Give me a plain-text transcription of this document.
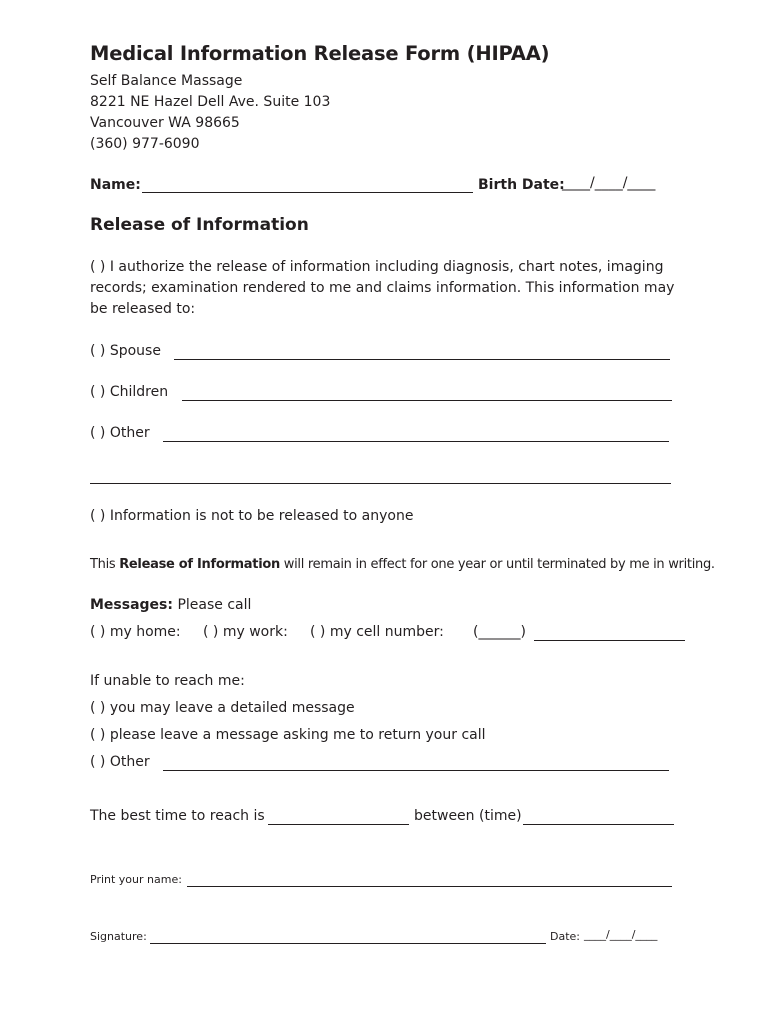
Medical Information Release Form (HIPAA)
Self Balance Massage
8221 NE Hazel Dell Ave. Suite 103
Vancouver WA 98665
(360) 977-6090
Name:	Birth Date:
____/____/____
Release of Information
( ) I authorize the release of information including diagnosis, chart notes, imaging records; examination rendered to me and claims information. This information may be released to:
( ) Spouse
( ) Children
( ) Other
( ) Information is not to be released to anyone
This Release of Information will remain in effect for one year or until terminated by me in writing.
Messages: Please call
( ) my home: ( ) my work: ( ) my cell number: (______)
If unable to reach me:
( ) you may leave a detailed message
( ) please leave a message asking me to return your call
( ) Other
The best time to reach is	between (time)
Print your name:
Signature:	Date: ____/____/____
